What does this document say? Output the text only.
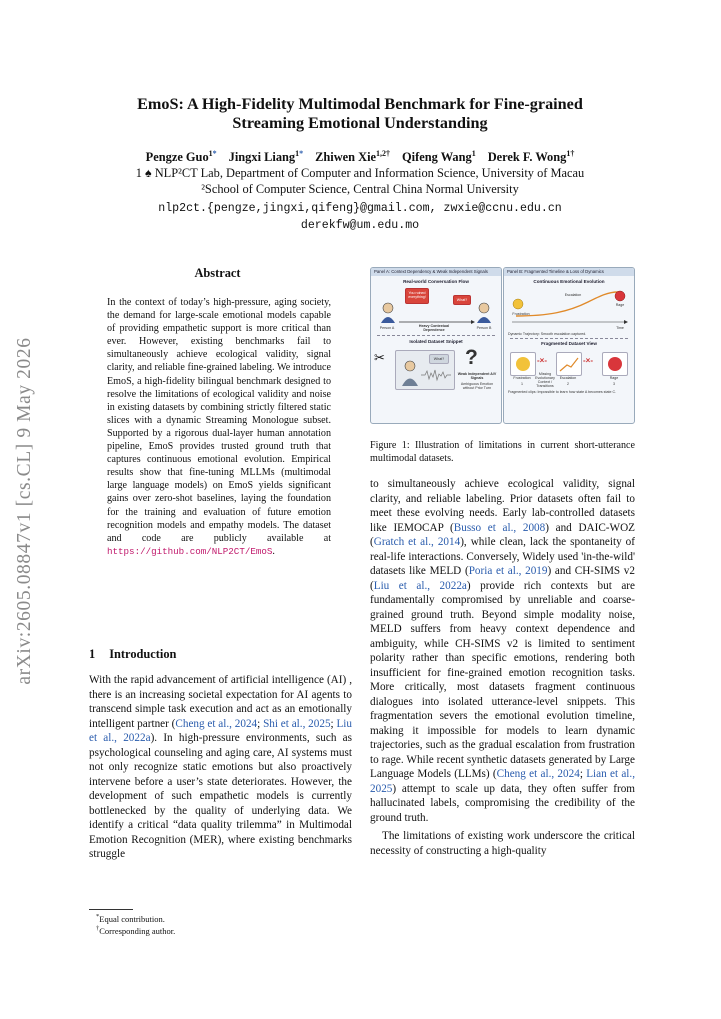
arXiv:2605.08847v1 [cs.CL] 9 May 2026
EmoS: A High-Fidelity Multimodal Benchmark for Fine-grained
Streaming Emotional Understanding
Pengze Guo$^{1*}$ Jingxi Liang$^{1*}$ Zhiwen Xie$^{1,2\dagger}$ Qifeng Wang$^1$ Derek F. Wong$^{1\dagger}$
1 ♠ NLP²CT Lab, Department of Computer and Information Science, University of Macau
²School of Computer Science, Central China Normal University
nlp2ct.{pengze,jingxi,qifeng}@gmail.com, zwxie@ccnu.edu.cn
derekfw@um.edu.mo
Abstract
In the context of today’s high-pressure, aging society, the demand for large-scale emotional models capable of providing empathetic support is more critical than ever. However, existing benchmarks fail to simultaneously achieve ecological validity, signal clarity, and reliable fine-grained labeling. We introduce EmoS, a high-fidelity bilingual benchmark designed to resolve the limitations of ecological validity and noise in existing datasets by combining strictly filtered static slices with a dynamic Streaming Monologue subset. Supported by a rigorous dual-layer human annotation pipeline, EmoS provides trusted ground truth that captures continuous emotional evolution. Empirical results show that fine-tuning MLLMs (multimodal large language models) on EmoS yields significant gains over zero-shot baselines, laying the foundation for the training and evaluation of future emotion recognition models and empathy models. The dataset and code are publicly available at https://github.com/NLP2CT/EmoS.
1 Introduction
With the rapid advancement of artificial intelligence (AI) , there is an increasing societal expectation for AI agents to transcend simple task execution and act as an emotionally intelligent partner (Cheng et al., 2024; Shi et al., 2025; Liu et al., 2022a). In high-pressure environments, such as psychological counseling and aging care, AI systems must not only recognize static emotions but also proactively intervene before a user’s state deteriorates. However, the development of such empathetic models is currently bottlenecked by the quality of underlying data. We identify a critical “data quality trilemma” in Multimodal Emotion Recognition (MER), where existing benchmarks struggle
*Equal contribution.
†Corresponding author.
Panel A: Context Dependency & Weak Independent Signals
Real-world Conversation Flow
You ruined everything!
What?
Person A	Person B
Heavy Contextual Dependence
Isolated Dataset Snippet
✂	What? ?
Weak Independent A/V Signals
Ambiguous Emotion without Prior Turn
Panel B: Fragmented Timeline & Loss of Dynamics
Continuous Emotional Evolution
Frustration
Escalation
Rage
Time
Dynamic Trajectory: Smooth escalation captured.
Fragmented Dataset View
-×-	-×-
Frustration	Escalation	Rage
Missing Evolutionary Context / Transitions
1	2	3
Fragmented clips: Impossible to learn how state A becomes state C.
Figure 1: Illustration of limitations in current short-utterance multimodal datasets.
to simultaneously achieve ecological validity, signal clarity, and reliable labeling. Prior datasets often fail to meet these evolving needs. Early lab-controlled datasets like IEMOCAP (Busso et al., 2008) and DAIC-WOZ (Gratch et al., 2014), while clean, lack the spontaneity of real-life interactions. Conversely, Widely used 'in-the-wild' datasets like MELD (Poria et al., 2019) and CH-SIMS v2 (Liu et al., 2022a) provide rich contexts but are fundamentally compromised by unreliable and coarse-grained ground truth. Beyond simple modality noise, MELD suffers from heavy context dependence and ambiguity, while CH-SIMS v2 is limited to sentiment polarity rather than specific emotions, rendering both insufficient for fine-grained emotion recognition tasks. More critically, most datasets fragment continuous dialogues into isolated utterance-level snippets. This fragmentation severs the emotional evolution timeline, making it impossible for models to learn dynamic trajectories, such as the gradual escalation from frustration to rage. While recent synthetic datasets generated by Large Language Models (LLMs) (Cheng et al., 2024; Lian et al., 2025) attempt to scale up data, they often suffer from hallucinated labels, compromising the credibility of the ground truth.
The limitations of existing work underscore the critical necessity of constructing a high-quality
